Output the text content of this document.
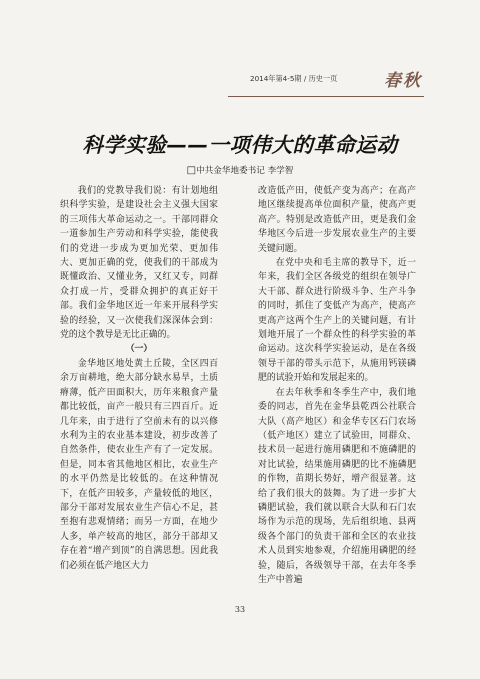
2014年第4-5期 / 历史一页	春秋
科学实验——一项伟大的革命运动
□中共金华地委书记 李学智

我们的党教导我们说：有计划地组织科学实验，是建设社会主义强大国家的三项伟大革命运动之一。干部同群众一道参加生产劳动和科学实验，能使我们的党进一步成为更加光荣、更加伟大、更加正确的党，使我们的干部成为既懂政治、又懂业务，又红又专，同群众打成一片，受群众拥护的真正好干部。我们金华地区近一年来开展科学实验的经验，又一次使我们深深体会到：党的这个教导是无比正确的。

（一）

金华地区地处黄土丘陵，全区四百余万亩耕地，绝大部分缺水易旱，土质瘠薄，低产田面积大，历年来粮食产量都比较低，亩产一般只有三四百斤。近几年来，由于进行了空前未有的以兴修水利为主的农业基本建设，初步改善了自然条件，使农业生产有了一定发展。但是，同本省其他地区相比，农业生产的水平仍然是比较低的。在这种情况下，在低产田较多，产量较低的地区，部分干部对发展农业生产信心不足，甚至抱有悲观情绪；而另一方面，在地少人多，单产较高的地区，部分干部却又存在着“增产到顶”的自满思想。因此我们必须在低产地区大力

改造低产田，使低产变为高产；在高产地区继续提高单位面积产量，使高产更高产。特别是改造低产田，更是我们金华地区今后进一步发展农业生产的主要关键问题。

在党中央和毛主席的教导下，近一年来，我们全区各级党的组织在领导广大干部、群众进行阶级斗争、生产斗争的同时，抓住了变低产为高产，使高产更高产这两个生产上的关键问题，有计划地开展了一个群众性的科学实验的革命运动。这次科学实验运动，是在各级领导干部的带头示范下，从施用钙镁磷肥的试验开始和发展起来的。

在去年秋季和冬季生产中，我们地委的同志，首先在金华县乾西公社联合大队（高产地区）和金华专区石门农场（低产地区）建立了试验田，同群众、技术员一起进行施用磷肥和不施磷肥的对比试验，结果施用磷肥的比不施磷肥的作物，苗期长势好，增产很显著。这给了我们很大的鼓舞。为了进一步扩大磷肥试验，我们就以联合大队和石门农场作为示范的现场，先后组织地、县两级各个部门的负责干部和全区的农业技术人员到实地参观，介绍施用磷肥的经验，随后，各级领导干部，在去年冬季生产中普遍

33
